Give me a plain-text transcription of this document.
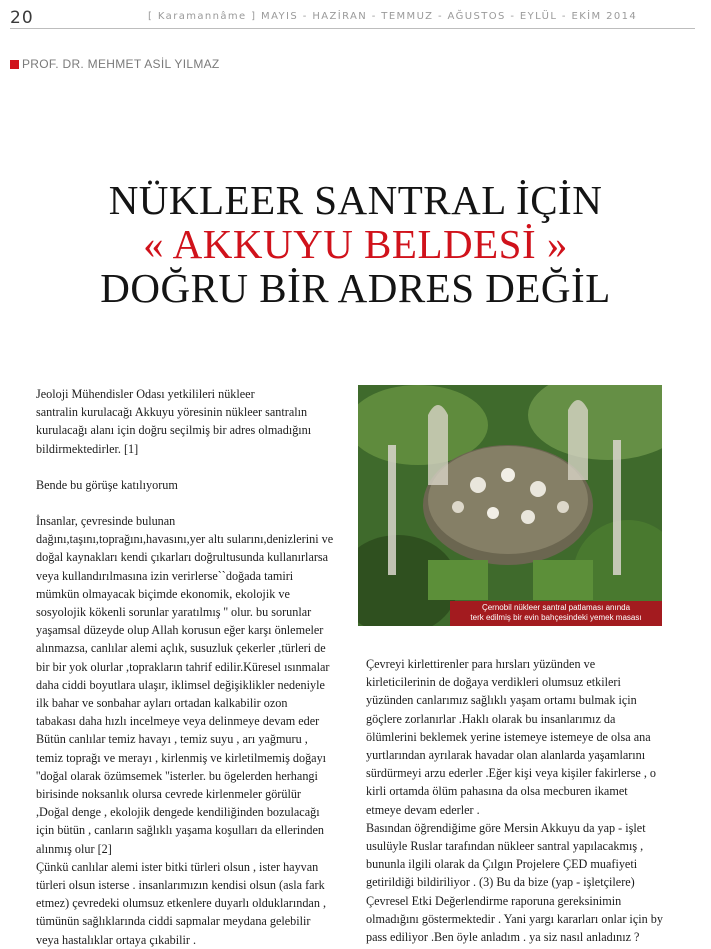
20	[ Karamannâme ] MAYIS - HAZİRAN - TEMMUZ - AĞUSTOS - EYLÜL - EKİM 2014
PROF. DR. MEHMET ASİL YILMAZ
NÜKLEER SANTRAL İÇİN
« AKKUYU BELDESİ »
DOĞRU BİR ADRES DEĞİL

Jeoloji Mühendisler Odası yetkilileri nükleer

santralin kurulacağı Akkuyu yöresinin nükleer santralın

kurulacağı alanı için doğru seçilmiş bir adres olmadığını

bildirmektedirler. [1]

Bende bu görüşe katılıyorum

İnsanlar, çevresinde bulunan

dağını,taşını,toprağını,havasını,yer altı sularını,denizlerini ve

doğal kaynakları kendi çıkarları doğrultusunda kullanırlarsa

veya kullandırılmasına izin verirlerse``doğada tamiri

mümkün olmayacak biçimde ekonomik, ekolojik ve

sosyolojik kökenli sorunlar yaratılmış '' olur. bu sorunlar

yaşamsal düzeyde olup Allah korusun eğer karşı önlemeler

alınmazsa, canlılar alemi açlık, susuzluk çekerler ,türleri de

bir bir yok olurlar ,toprakların tahrif edilir.Küresel ısınmalar

daha ciddi boyutlara ulaşır, iklimsel değişiklikler nedeniyle

ilk bahar ve sonbahar ayları ortadan kalkabilir ozon

tabakası daha hızlı incelmeye veya delinmeye devam eder

Bütün canlılar temiz havayı , temiz suyu , arı yağmuru ,

temiz toprağı ve merayı , kirlenmiş ve kirletilmemiş doğayı

''doğal olarak özümsemek ''isterler. bu ögelerden herhangi

birisinde noksanlık olursa cevrede kirlenmeler görülür

,Doğal denge , ekolojik dengede kendiliğinden bozulacağı

için bütün , canların sağlıklı yaşama koşulları da ellerinden

alınmış olur [2]

Çünkü canlılar alemi ister bitki türleri olsun , ister hayvan

türleri olsun isterse . insanlarımızın kendisi olsun (asla fark

etmez) çevredeki olumsuz etkenlere duyarlı olduklarından ,

tümünün sağlıklarında ciddi sapmalar meydana gelebilir

veya hastalıklar ortaya çıkabilir .

Çernobil nükleer santral patlaması anında
terk edilmiş bir evin bahçesindeki yemek masası

Çevreyi kirlettirenler para hırsları yüzünden ve

kirleticilerinin de doğaya verdikleri olumsuz etkileri

yüzünden canlarımız sağlıklı yaşam ortamı bulmak için

göçlere zorlanırlar .Haklı olarak bu insanlarımız da

ölümlerini beklemek yerine istemeye istemeye de olsa ana

yurtlarından ayrılarak havadar olan alanlarda yaşamlarını

sürdürmeyi arzu ederler .Eğer kişi veya kişiler fakirlerse , o

kirli ortamda ölüm pahasına da olsa mecburen ikamet

etmeye devam ederler .

Basından öğrendiğime göre Mersin Akkuyu da yap - işlet

usulüyle Ruslar tarafından nükleer santral yapılacakmış ,

bununla ilgili olarak da Çılgın Projelere ÇED muafiyeti

getirildiği bildiriliyor . (3) Bu da bize (yap - işletçilere)

Çevresel Etki Değerlendirme raporuna gereksinimin

olmadığını göstermektedir . Yani yargı kararları onlar için by

pass ediliyor .Ben öyle anladım . ya siz nasıl anladınız ?
